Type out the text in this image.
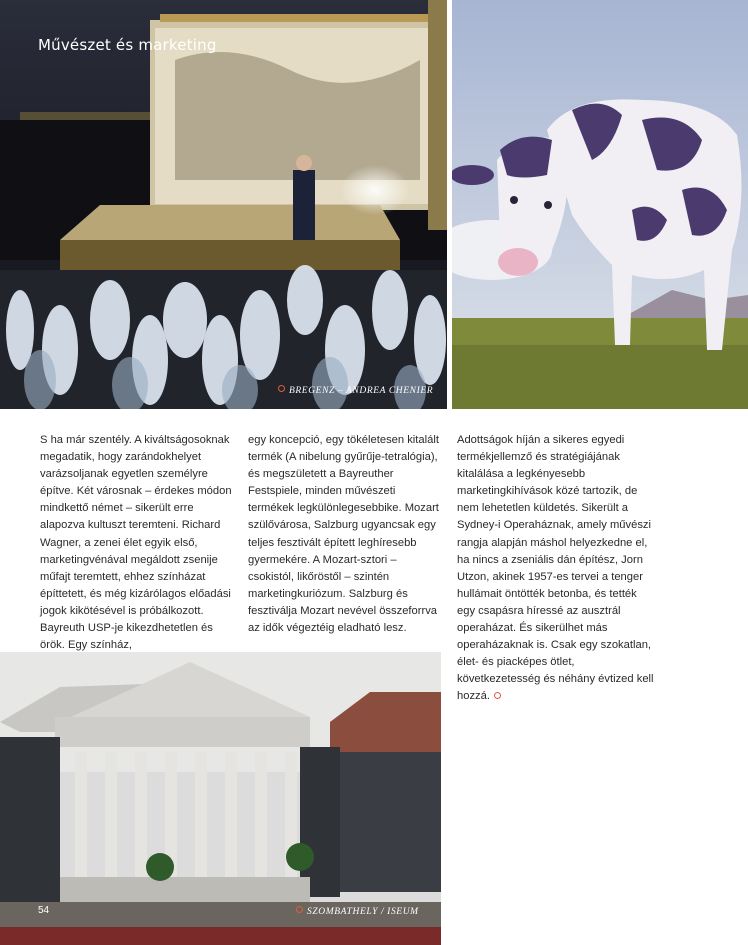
Művészet és marketing
BREGENZ – ANDREA CHENIER

S ha már szentély. A kiváltságosoknak megadatik, hogy zarándokhelyet varázsoljanak egyetlen személyre építve. Két városnak – érdekes módon mindkettő német – sikerült erre alapozva kultuszt teremteni. Richard Wagner, a zenei élet egyik első, marketingvénával megáldott zsenije műfajt teremtett, ehhez színházat építtetett, és még kizárólagos előadási jogok kikötésével is próbálkozott. Bayreuth USP-je kikezdhetetlen és örök. Egy színház,

egy koncepció, egy tökéletesen kitalált termék (A nibelung gyűrűje-tetralógia), és megszületett a Bayreuther Festspiele, minden művészeti termékek legkülönlegesebbike. Mozart szülővárosa, Salzburg ugyancsak egy teljes fesztivált épített leghíresebb gyermekére. A Mozart-sztori – csokistól, likőröstől – szintén marketingkuriózum. Salzburg és fesztiválja Mozart nevével összeforrva az idők végeztéig eladható lesz.

Adottságok híján a sikeres egyedi termékjellemző és stratégiájának kitalálása a legkényesebb marketingkihívások közé tartozik, de nem lehetetlen küldetés. Sikerült a Sydney-i Operaháznak, amely művészi rangja alapján máshol helyezkedne el, ha nincs a zseniális dán építész, Jorn Utzon, akinek 1957-es tervei a tenger hullámait öntötték betonba, és tették egy csapásra híressé az ausztrál operaházat. És sikerülhet más operaházaknak is. Csak egy szokatlan, élet- és piacképes ötlet, következetesség és néhány évtized kell hozzá.

SZOMBATHELY / ISEUM
54
